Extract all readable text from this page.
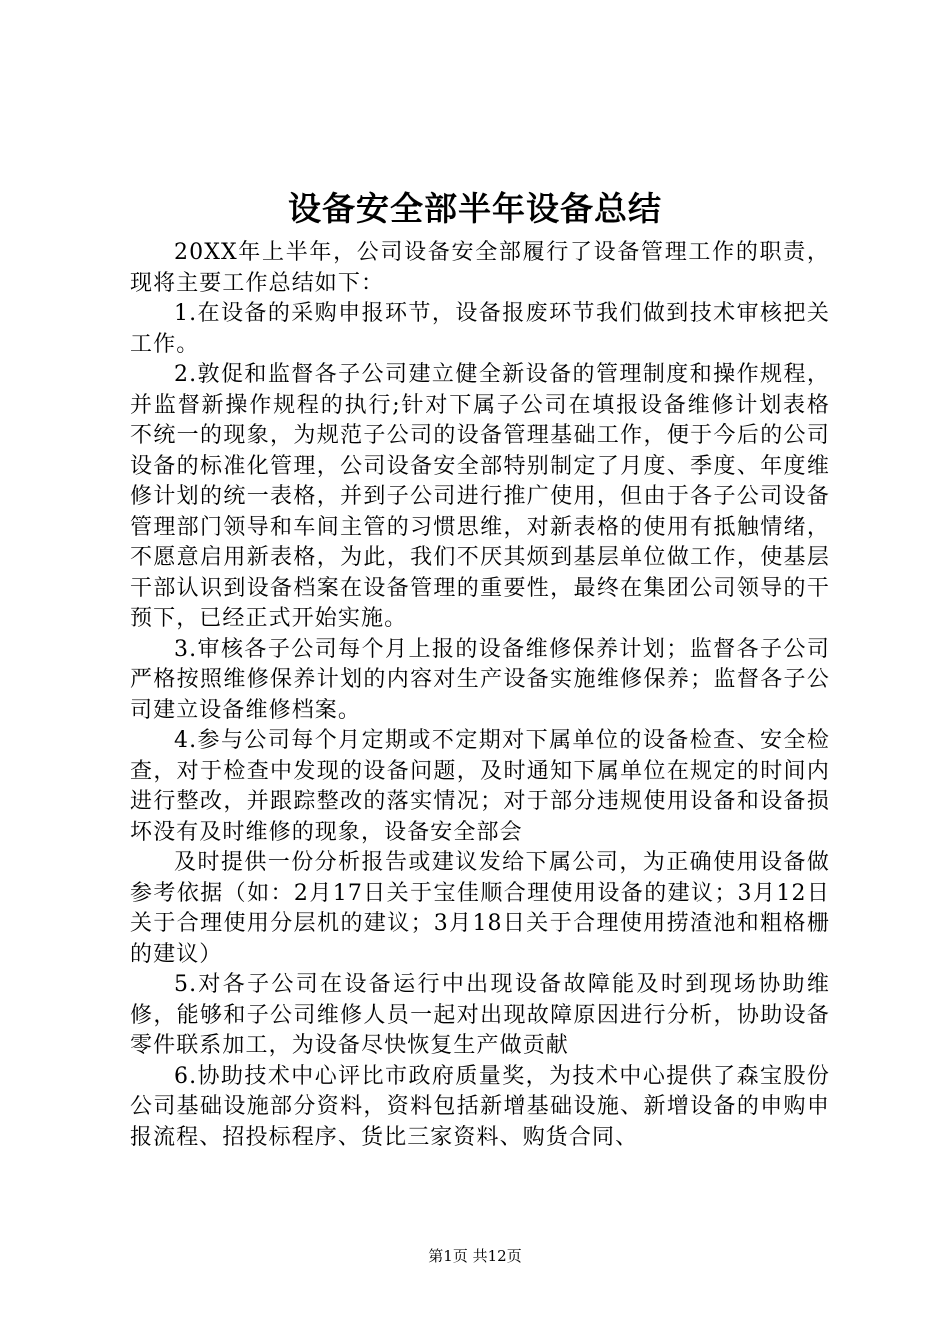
设备安全部半年设备总结

20XX年上半年，公司设备安全部履行了设备管理工作的职责，现将主要工作总结如下：

1.在设备的采购申报环节，设备报废环节我们做到技术审核把关工作。

2.敦促和监督各子公司建立健全新设备的管理制度和操作规程，并监督新操作规程的执行;针对下属子公司在填报设备维修计划表格不统一的现象，为规范子公司的设备管理基础工作，便于今后的公司设备的标准化管理，公司设备安全部特别制定了月度、季度、年度维修计划的统一表格，并到子公司进行推广使用，但由于各子公司设备管理部门领导和车间主管的习惯思维，对新表格的使用有抵触情绪，不愿意启用新表格，为此，我们不厌其烦到基层单位做工作，使基层干部认识到设备档案在设备管理的重要性，最终在集团公司领导的干预下，已经正式开始实施。

3.审核各子公司每个月上报的设备维修保养计划；监督各子公司严格按照维修保养计划的内容对生产设备实施维修保养；监督各子公司建立设备维修档案。

4.参与公司每个月定期或不定期对下属单位的设备检查、安全检查，对于检查中发现的设备问题，及时通知下属单位在规定的时间内进行整改，并跟踪整改的落实情况；对于部分违规使用设备和设备损坏没有及时维修的现象，设备安全部会

及时提供一份分析报告或建议发给下属公司，为正确使用设备做参考依据（如：2月17日关于宝佳顺合理使用设备的建议；3月12日关于合理使用分层机的建议；3月18日关于合理使用捞渣池和粗格栅的建议）

5.对各子公司在设备运行中出现设备故障能及时到现场协助维修，能够和子公司维修人员一起对出现故障原因进行分析，协助设备零件联系加工，为设备尽快恢复生产做贡献

6.协助技术中心评比市政府质量奖，为技术中心提供了森宝股份公司基础设施部分资料，资料包括新增基础设施、新增设备的申购申报流程、招投标程序、货比三家资料、购货合同、

第1页 共12页
